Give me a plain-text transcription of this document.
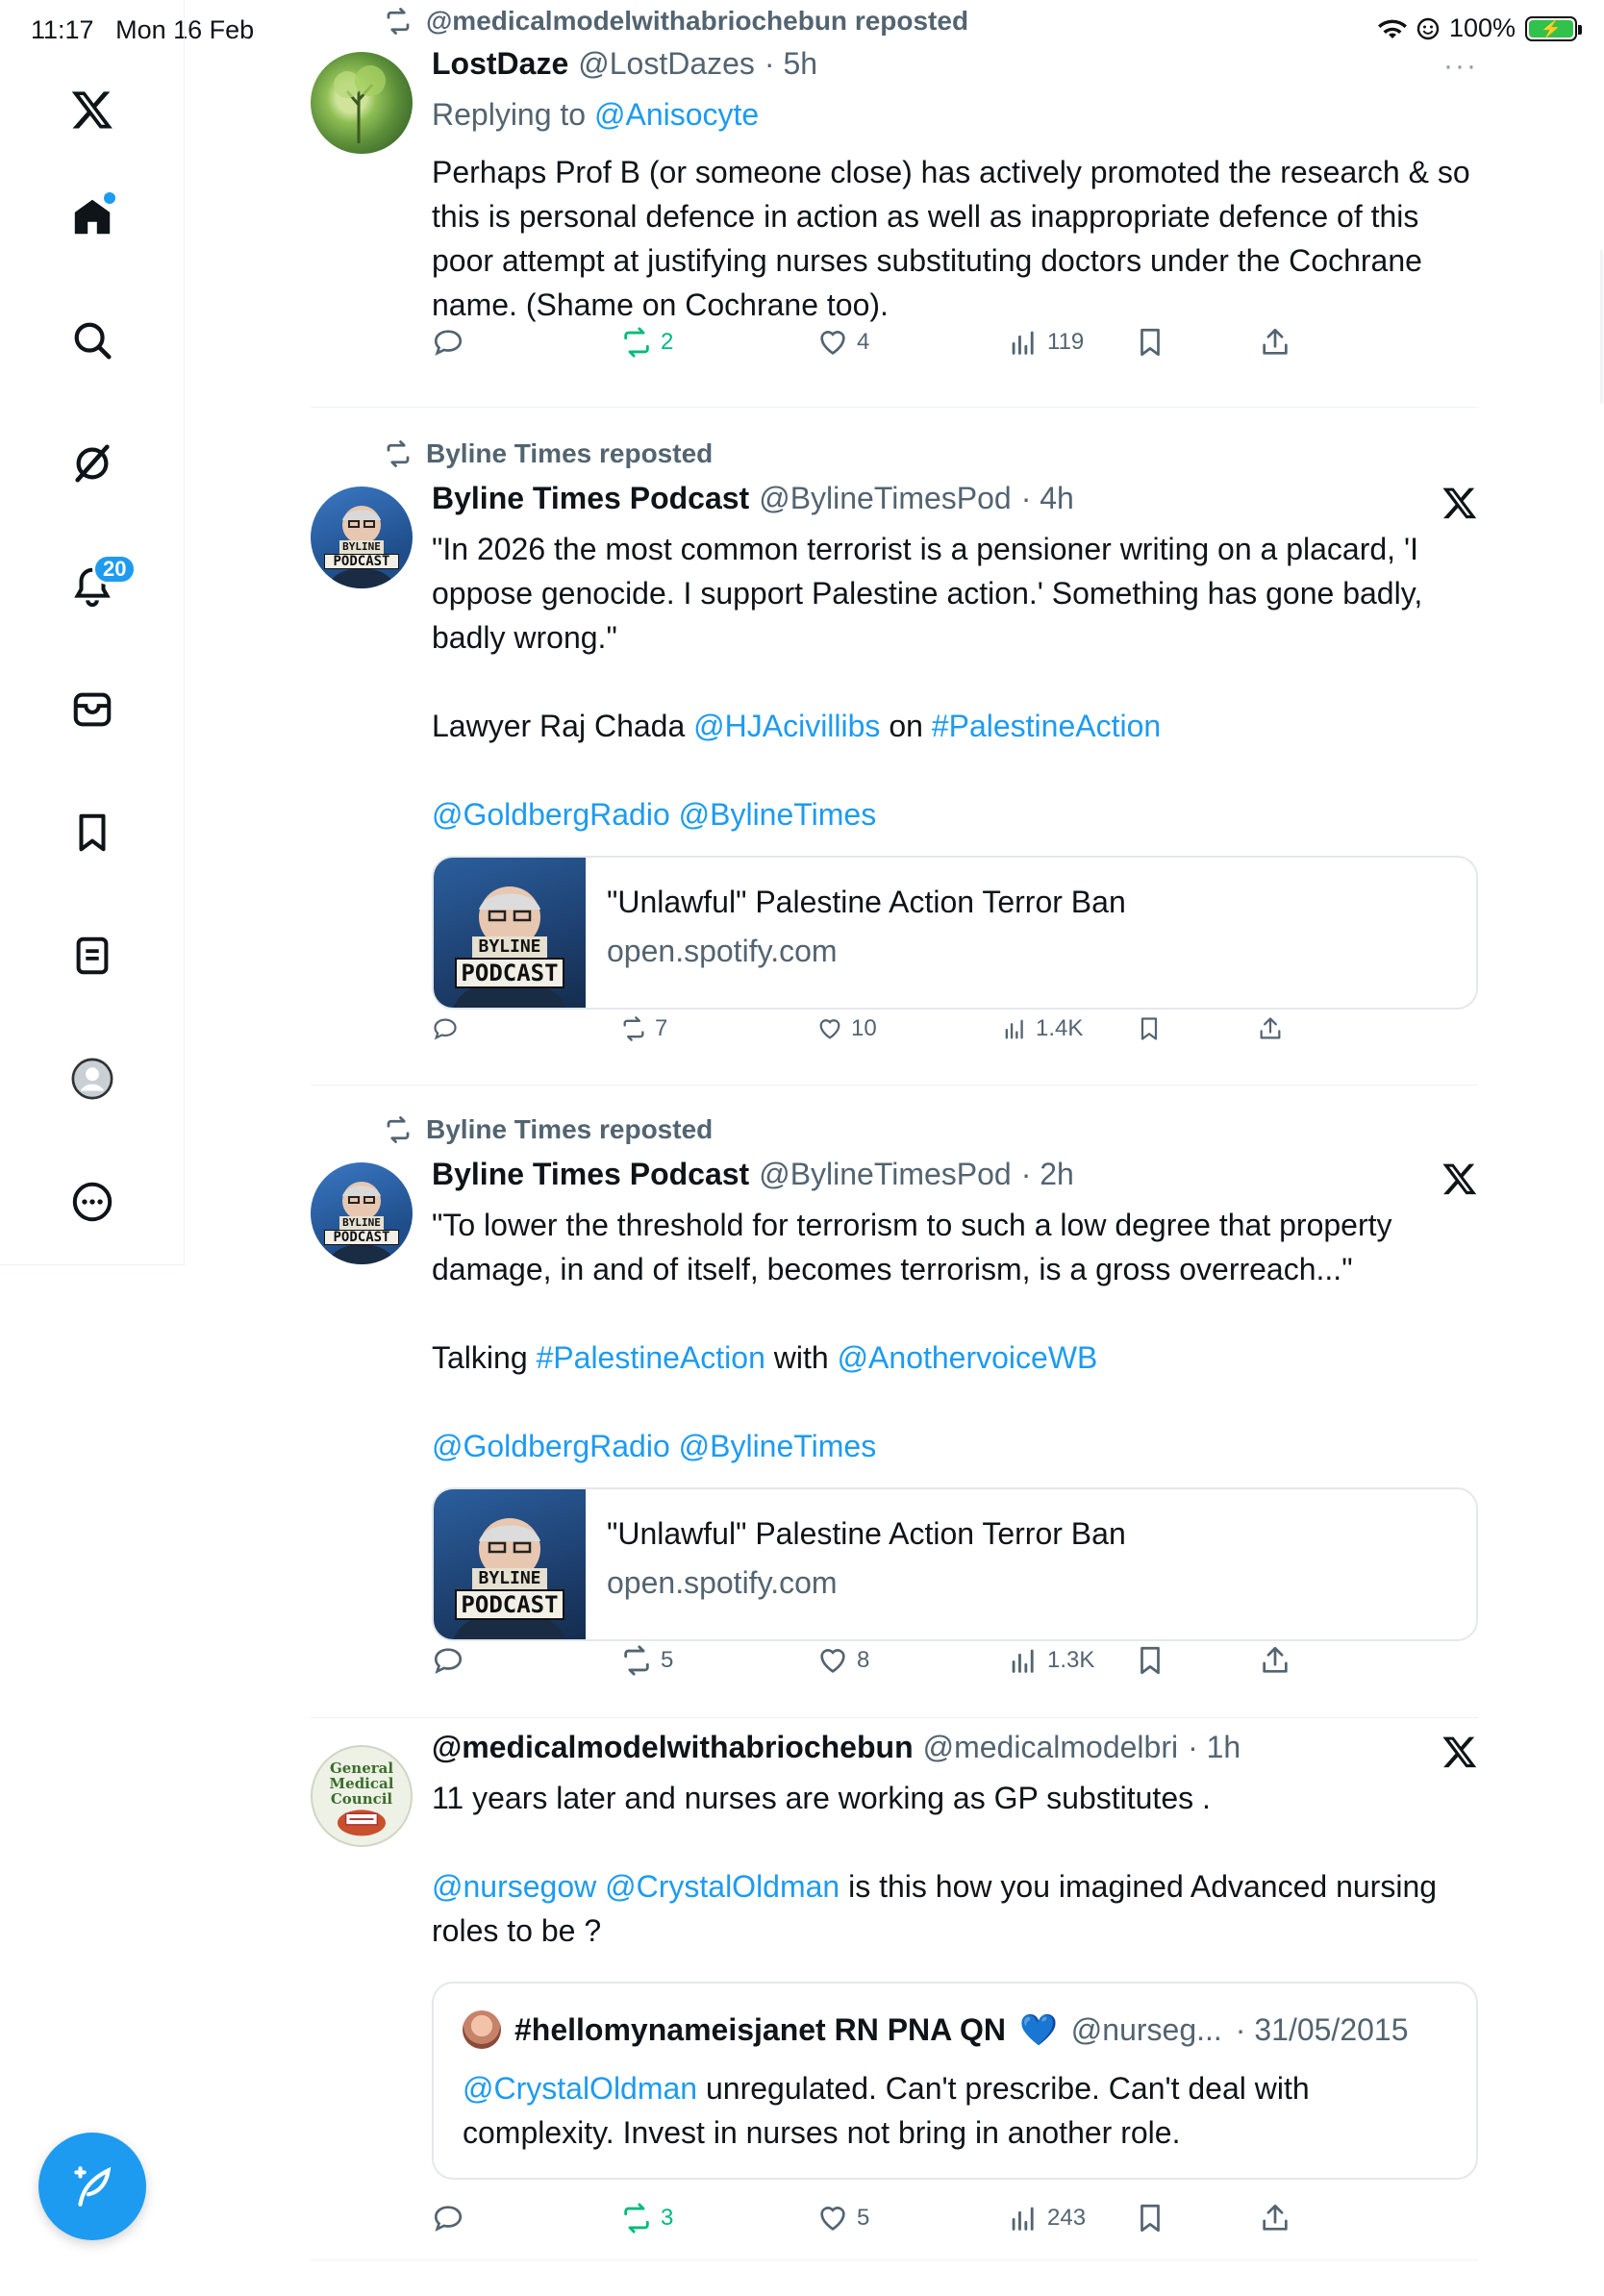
11:17 Mon 16 Feb	100%	⚡
20
@medicalmodelwithabriochebun reposted
LostDaze @LostDazes · 5h	···
Replying to @Anisocyte
Perhaps Prof B (or someone close) has actively promoted the research & so this is personal defence in action as well as inappropriate defence of this poor attempt at justifying nurses substituting doctors under the Cochrane name. (Shame on Cochrane too).
2	4	119
Byline Times reposted
BYLINE
PODCAST
Byline Times Podcast @BylineTimesPod · 4h
"In 2026 the most common terrorist is a pensioner writing on a placard, 'I oppose genocide. I support Palestine action.' Something has gone badly, badly wrong."
Lawyer Raj Chada @HJAcivillibs on #PalestineAction
@GoldbergRadio @BylineTimes
BYLINE
PODCAST
"Unlawful" Palestine Action Terror Ban
open.spotify.com
7	10	1.4K
Byline Times reposted
BYLINE
PODCAST
Byline Times Podcast @BylineTimesPod · 2h
"To lower the threshold for terrorism to such a low degree that property damage, in and of itself, becomes terrorism, is a gross overreach..."
Talking #PalestineAction with @AnothervoiceWB
@GoldbergRadio @BylineTimes
BYLINE
PODCAST
"Unlawful" Palestine Action Terror Ban
open.spotify.com
5	8	1.3K
General
Medical
Council
@medicalmodelwithabriochebun @medicalmodelbri · 1h
11 years later and nurses are working as GP substitutes .
@nursegow @CrystalOldman is this how you imagined Advanced nursing roles to be ?
#hellomynameisjanet RN PNA QN 💙 @nurseg... · 31/05/2015
@CrystalOldman unregulated. Can't prescribe. Can't deal with complexity. Invest in nurses not bring in another role.
3	5	243
